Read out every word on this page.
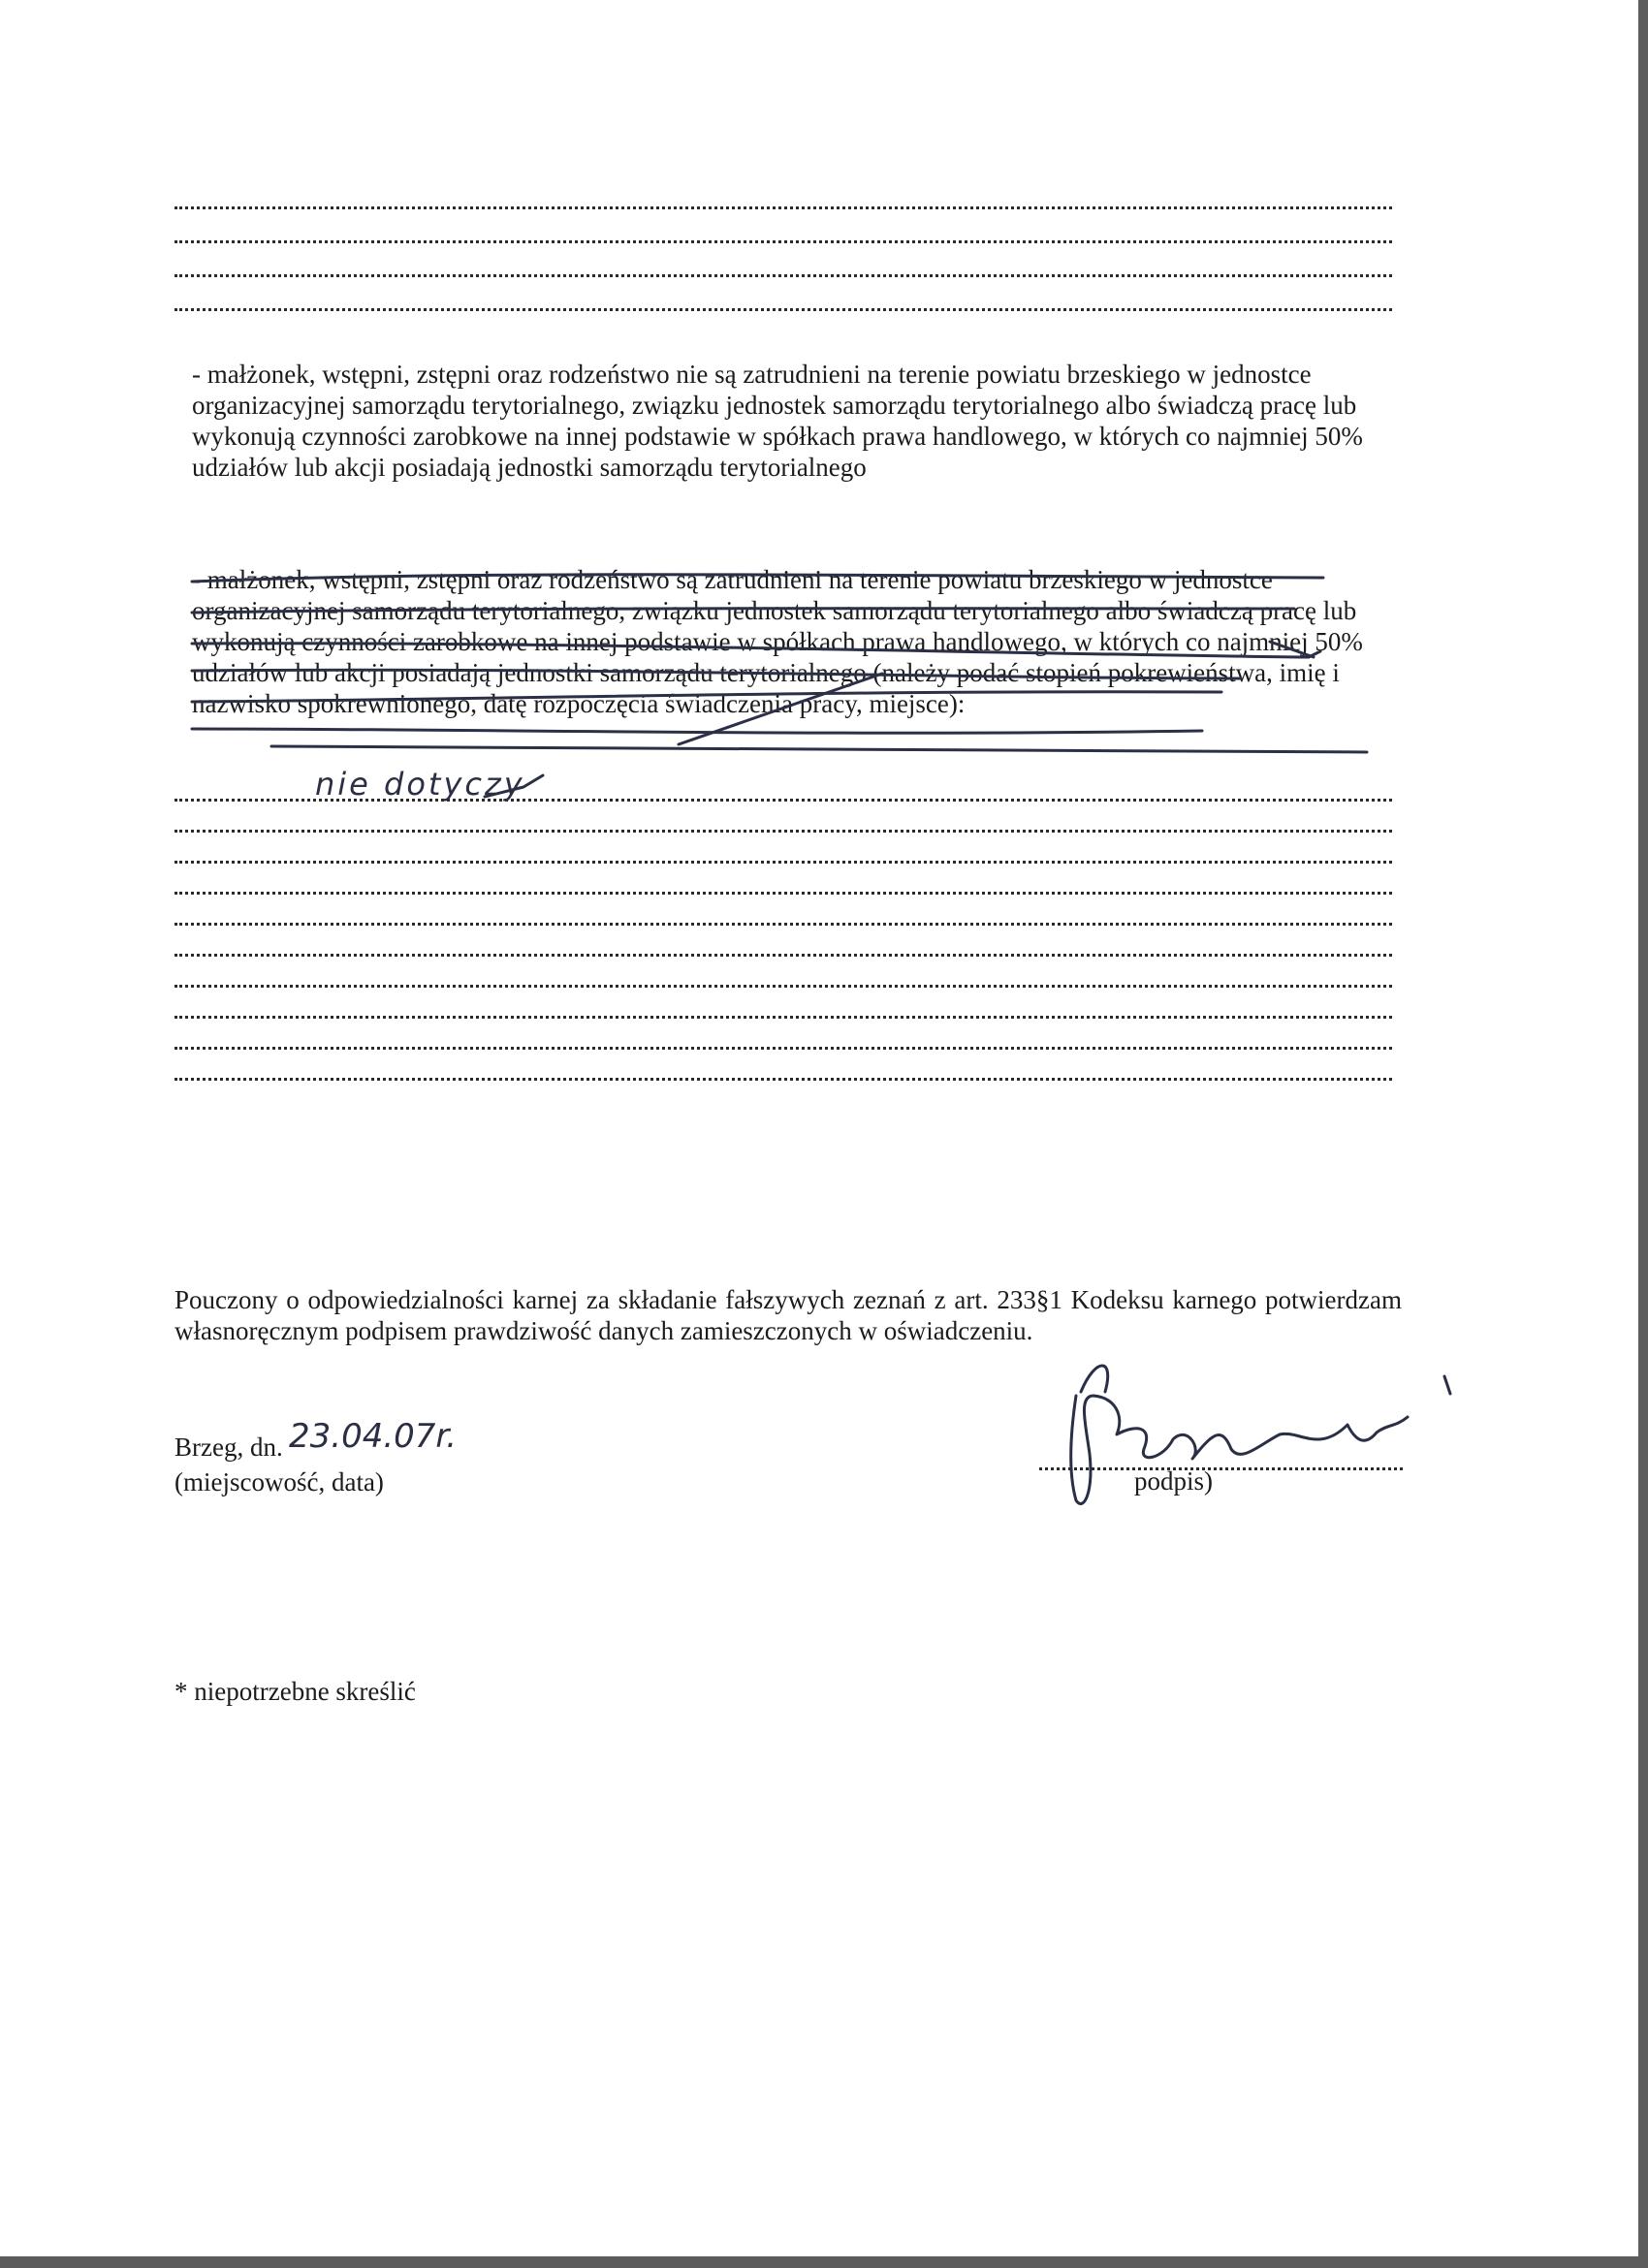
- małżonek, wstępni, zstępni oraz rodzeństwo nie są zatrudnieni na terenie powiatu brzeskiego w jednostce organizacyjnej samorządu terytorialnego, związku jednostek samorządu terytorialnego albo świadczą pracę lub wykonują czynności zarobkowe na innej podstawie w spółkach prawa handlowego, w których co najmniej 50% udziałów lub akcji posiadają jednostki samorządu terytorialnego
- małżonek, wstępni, zstępni oraz rodzeństwo są zatrudnieni na terenie powiatu brzeskiego w jednostce organizacyjnej samorządu terytorialnego, związku jednostek samorządu terytorialnego albo świadczą pracę lub wykonują czynności zarobkowe na innej podstawie w spółkach prawa handlowego, w których co najmniej 50% udziałów lub akcji posiadają jednostki samorządu terytorialnego (należy podać stopień pokrewieństwa, imię i nazwisko spokrewnionego, datę rozpoczęcia świadczenia pracy, miejsce):
nie dotyczy
Pouczony o odpowiedzialności karnej za składanie fałszywych zeznań z art. 233§1 Kodeksu karnego potwierdzam własnoręcznym podpisem prawdziwość danych zamieszczonych w oświadczeniu.
Brzeg, dn.
(miejscowość, data)
23.04.07r.
podpis)
* niepotrzebne skreślić
